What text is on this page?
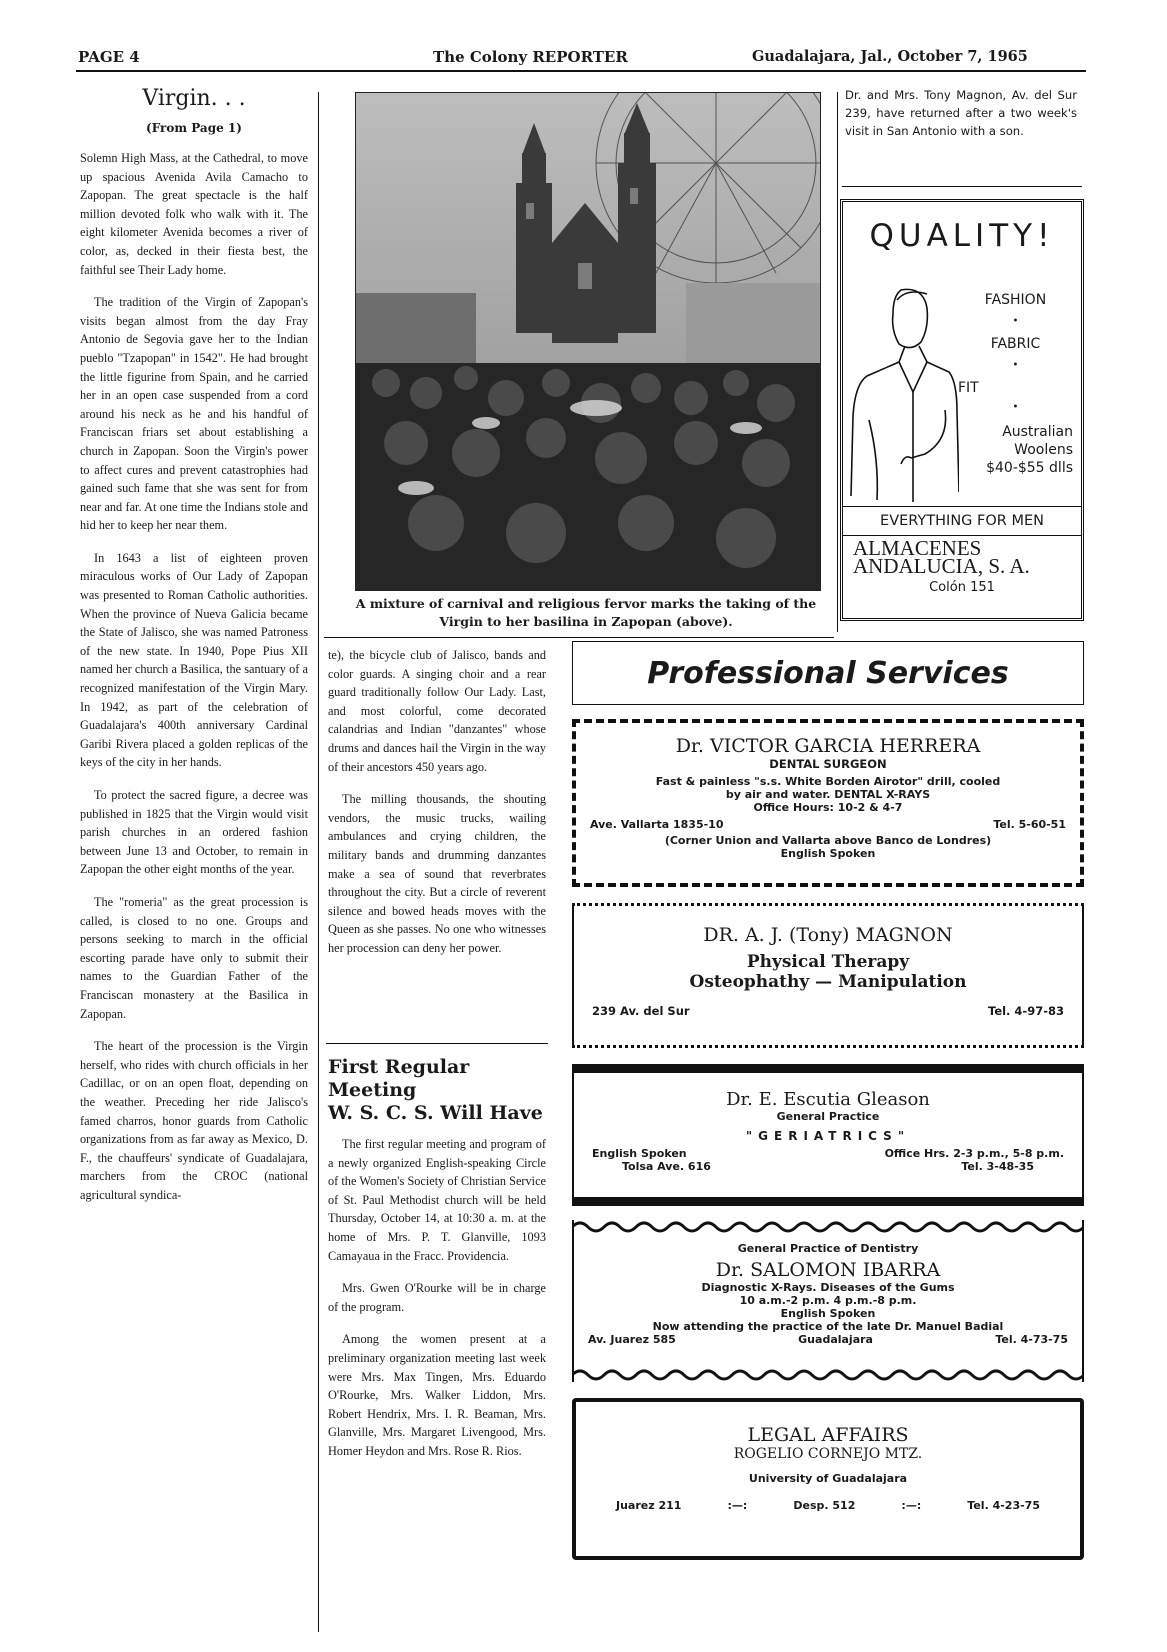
PAGE 4	The Colony REPORTER	Guadalajara, Jal., October 7, 1965
Virgin. . .
(From Page 1)

Solemn High Mass, at the Cathedral, to move up spacious Avenida Avila Camacho to Zapopan. The great spectacle is the half million devoted folk who walk with it. The eight kilometer Avenida becomes a river of color, as, decked in their fiesta best, the faithful see Their Lady home.

The tradition of the Virgin of Zapopan's visits began almost from the day Fray Antonio de Segovia gave her to the Indian pueblo "Tzapopan" in 1542". He had brought the little figurine from Spain, and he carried her in an open case suspended from a cord around his neck as he and his handful of Franciscan friars set about establishing a church in Zapopan. Soon the Virgin's power to affect cures and prevent catastrophies had gained such fame that she was sent for from near and far. At one time the Indians stole and hid her to keep her near them.

In 1643 a list of eighteen proven miraculous works of Our Lady of Zapopan was presented to Roman Catholic authorities. When the province of Nueva Galicia became the State of Jalisco, she was named Patroness of the new state. In 1940, Pope Pius XII named her church a Basilica, the santuary of a recognized manifestation of the Virgin Mary. In 1942, as part of the celebration of Guadalajara's 400th anniversary Cardinal Garibi Rivera placed a golden replicas of the keys of the city in her hands.

To protect the sacred figure, a decree was published in 1825 that the Virgin would visit parish churches in an ordered fashion between June 13 and October, to remain in Zapopan the other eight months of the year.

The "romeria" as the great procession is called, is closed to no one. Groups and persons seeking to march in the official escorting parade have only to submit their names to the Guardian Father of the Franciscan monastery at the Basilica in Zapopan.

The heart of the procession is the Virgin herself, who rides with church officials in her Cadillac, or on an open float, depending on the weather. Preceding her ride Jalisco's famed charros, honor guards from Catholic organizations from as far away as Mexico, D. F., the chauffeurs' syndicate of Guadalajara, marchers from the CROC (national agricultural syndica-

A mixture of carnival and religious fervor marks the taking of the Virgin to her basilina in Zapopan (above).

te), the bicycle club of Jalisco, bands and color guards. A singing choir and a rear guard traditionally follow Our Lady. Last, and most colorful, come decorated calandrias and Indian "danzantes" whose drums and dances hail the Virgin in the way of their ancestors 450 years ago.

The milling thousands, the shouting vendors, the music trucks, wailing ambulances and crying children, the military bands and drumming danzantes make a sea of sound that reverbrates throughout the city. But a circle of reverent silence and bowed heads moves with the Queen as she passes. No one who witnesses her procession can deny her power.

First Regular Meeting
W. S. C. S. Will Have

The first regular meeting and program of a newly organized English-speaking Circle of the Women's Society of Christian Service of St. Paul Methodist church will be held Thursday, October 14, at 10:30 a. m. at the home of Mrs. P. T. Glanville, 1093 Camayaua in the Fracc. Providencia.

Mrs. Gwen O'Rourke will be in charge of the program.

Among the women present at a preliminary organization meeting last week were Mrs. Max Tingen, Mrs. Eduardo O'Rourke, Mrs. Walker Liddon, Mrs. Robert Hendrix, Mrs. I. R. Beaman, Mrs. Glanville, Mrs. Margaret Livengood, Mrs. Homer Heydon and Mrs. Rose R. Rios.

Dr. and Mrs. Tony Magnon, Av. del Sur 239, have returned after a two week's visit in San Antonio with a son.
QUALITY!
FASHION
•
FABRIC
•
FIT
•
Australian
Woolens
$40-$55 dlls
EVERYTHING FOR MEN
ALMACENES
ANDALUCIA, S. A.
Colón 151
Professional Services
Dr. VICTOR GARCIA HERRERA
DENTAL SURGEON
Fast & painless "s.s. White Borden Airotor" drill, cooled
by air and water. DENTAL X-RAYS
Office Hours: 10-2 & 4-7
Ave. Vallarta 1835-10	Tel. 5-60-51
(Corner Union and Vallarta above Banco de Londres)
English Spoken
DR. A. J. (Tony) MAGNON
Physical Therapy
Osteophathy — Manipulation
239 Av. del Sur	Tel. 4-97-83
Dr. E. Escutia Gleason
General Practice
"GERIATRICS"
English Spoken	Office Hrs. 2-3 p.m., 5-8 p.m.
Tolsa Ave. 616	Tel. 3-48-35
General Practice of Dentistry
Dr. SALOMON IBARRA
Diagnostic X-Rays. Diseases of the Gums
10 a.m.-2 p.m. 4 p.m.-8 p.m.
English Spoken
Now attending the practice of the late Dr. Manuel Badial
Av. Juarez 585	Guadalajara	Tel. 4-73-75
LEGAL AFFAIRS
ROGELIO CORNEJO MTZ.
University of Guadalajara
Juarez 211	:—:	Desp. 512	:—:	Tel. 4-23-75
